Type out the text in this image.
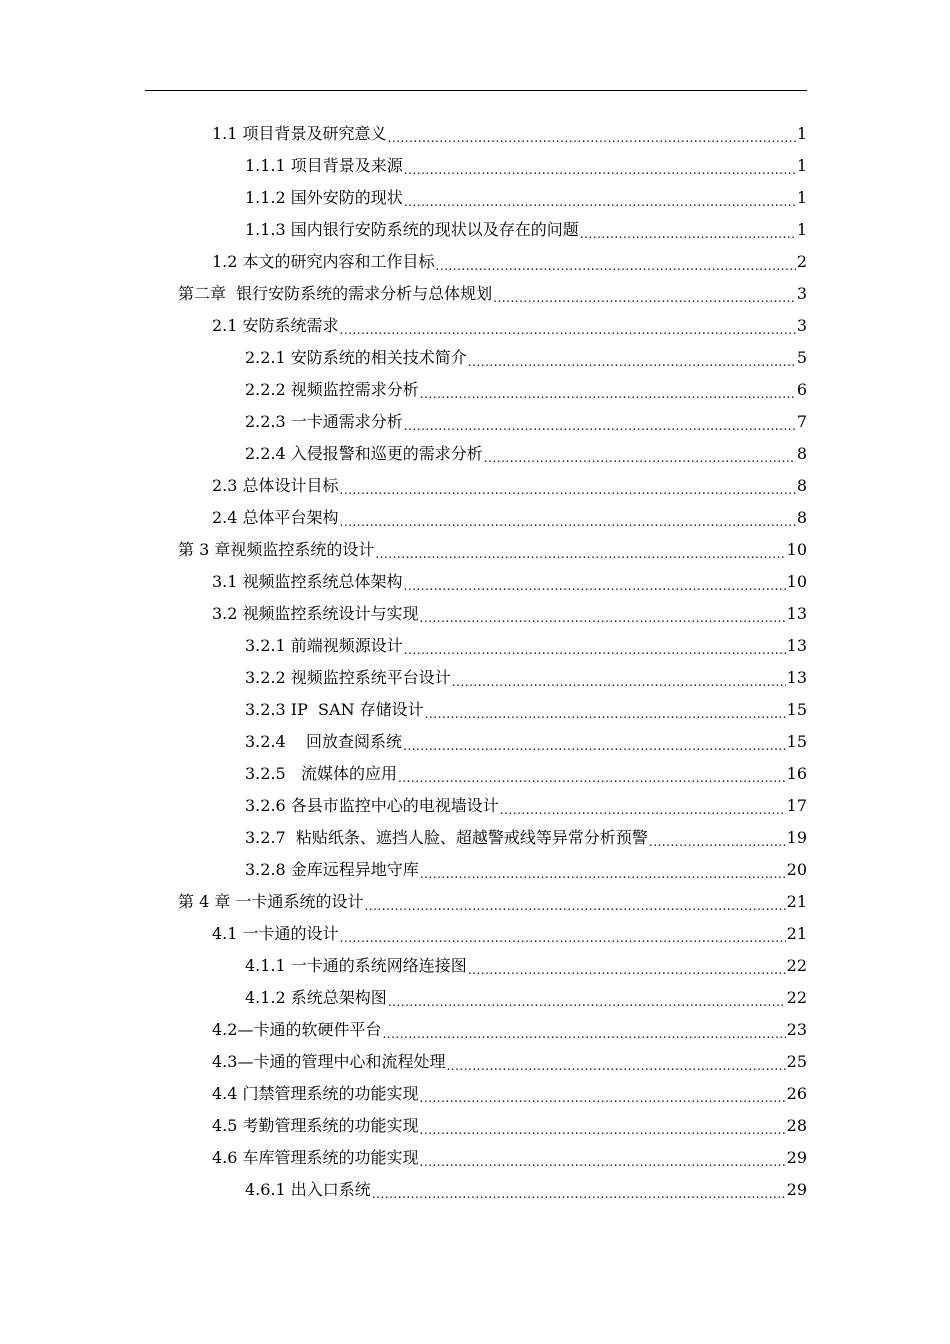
1.1 项目背景及研究意义 .....	1
1.1.1 项目背景及来源 .....	1
1.1.2 国外安防的现状 .....	1
1.1.3 国内银行安防系统的现状以及存在的问题 .....	1
1.2 本文的研究内容和工作目标 .....	2
第二章  银行安防系统的需求分析与总体规划 .....	3
2.1 安防系统需求 .....	3
2.2.1 安防系统的相关技术简介 .....	5
2.2.2 视频监控需求分析 .....	6
2.2.3 一卡通需求分析 .....	7
2.2.4 入侵报警和巡更的需求分析 .....	8
2.3 总体设计目标 .....	8
2.4 总体平台架构 .....	8
第 3 章视频监控系统的设计 .....	10
3.1 视频监控系统总体架构 .....	10
3.2 视频监控系统设计与实现 .....	13
3.2.1 前端视频源设计 .....	13
3.2.2 视频监控系统平台设计 .....	13
3.2.3 IP  SAN 存储设计 .....	15
3.2.4    回放查阅系统 .....	15
3.2.5   流媒体的应用 .....	16
3.2.6 各县市监控中心的电视墙设计 .....	17
3.2.7  粘贴纸条、遮挡人脸、超越警戒线等异常分析预警 .....	19
3.2.8 金库远程异地守库 .....	20
第 4 章 一卡通系统的设计 .....	21
4.1 一卡通的设计 .....	21
4.1.1 一卡通的系统网络连接图 .....	22
4.1.2 系统总架构图 .....	22
4.2—卡通的软硬件平台 .....	23
4.3—卡通的管理中心和流程处理 .....	25
4.4 门禁管理系统的功能实现 .....	26
4.5 考勤管理系统的功能实现 .....	28
4.6 车库管理系统的功能实现 .....	29
4.6.1 出入口系统 .....	29
